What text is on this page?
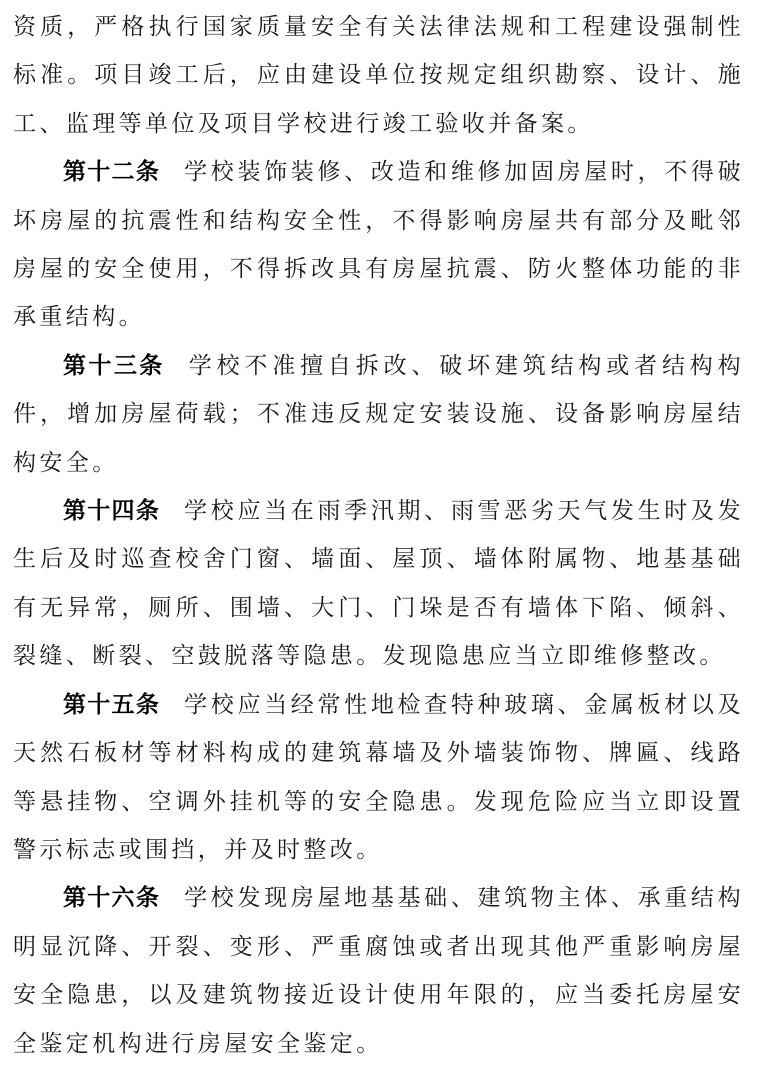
资质，严格执行国家质量安全有关法律法规和工程建设强制性标准。项目竣工后，应由建设单位按规定组织勘察、设计、施工、监理等单位及项目学校进行竣工验收并备案。

第十二条 学校装饰装修、改造和维修加固房屋时，不得破坏房屋的抗震性和结构安全性，不得影响房屋共有部分及毗邻房屋的安全使用，不得拆改具有房屋抗震、防火整体功能的非承重结构。

第十三条 学校不准擅自拆改、破坏建筑结构或者结构构件，增加房屋荷载；不准违反规定安装设施、设备影响房屋结构安全。

第十四条 学校应当在雨季汛期、雨雪恶劣天气发生时及发生后及时巡查校舍门窗、墙面、屋顶、墙体附属物、地基基础有无异常，厕所、围墙、大门、门垛是否有墙体下陷、倾斜、裂缝、断裂、空鼓脱落等隐患。发现隐患应当立即维修整改。

第十五条 学校应当经常性地检查特种玻璃、金属板材以及天然石板材等材料构成的建筑幕墙及外墙装饰物、牌匾、线路等悬挂物、空调外挂机等的安全隐患。发现危险应当立即设置警示标志或围挡，并及时整改。

第十六条 学校发现房屋地基基础、建筑物主体、承重结构明显沉降、开裂、变形、严重腐蚀或者出现其他严重影响房屋安全隐患，以及建筑物接近设计使用年限的，应当委托房屋安全鉴定机构进行房屋安全鉴定。
